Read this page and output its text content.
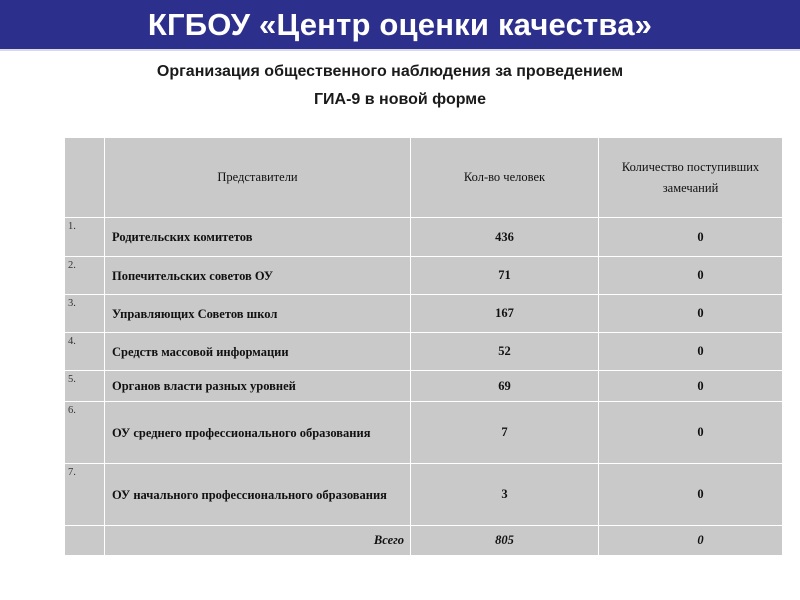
КГБОУ «Центр оценки качества»
Организация общественного наблюдения за проведением
ГИА-9 в новой форме
	Представители	Кол-во человек	Количество поступивших замечаний
1.	Родительских комитетов	436	0
2.	Попечительских советов ОУ	71	0
3.	Управляющих Советов школ	167	0
4.	Средств массовой информации	52	0
5.	Органов власти разных уровней	69	0
6.	ОУ среднего профессионального образования	7	0
7.	ОУ начального профессионального образования	3	0
	Всего	805	0
